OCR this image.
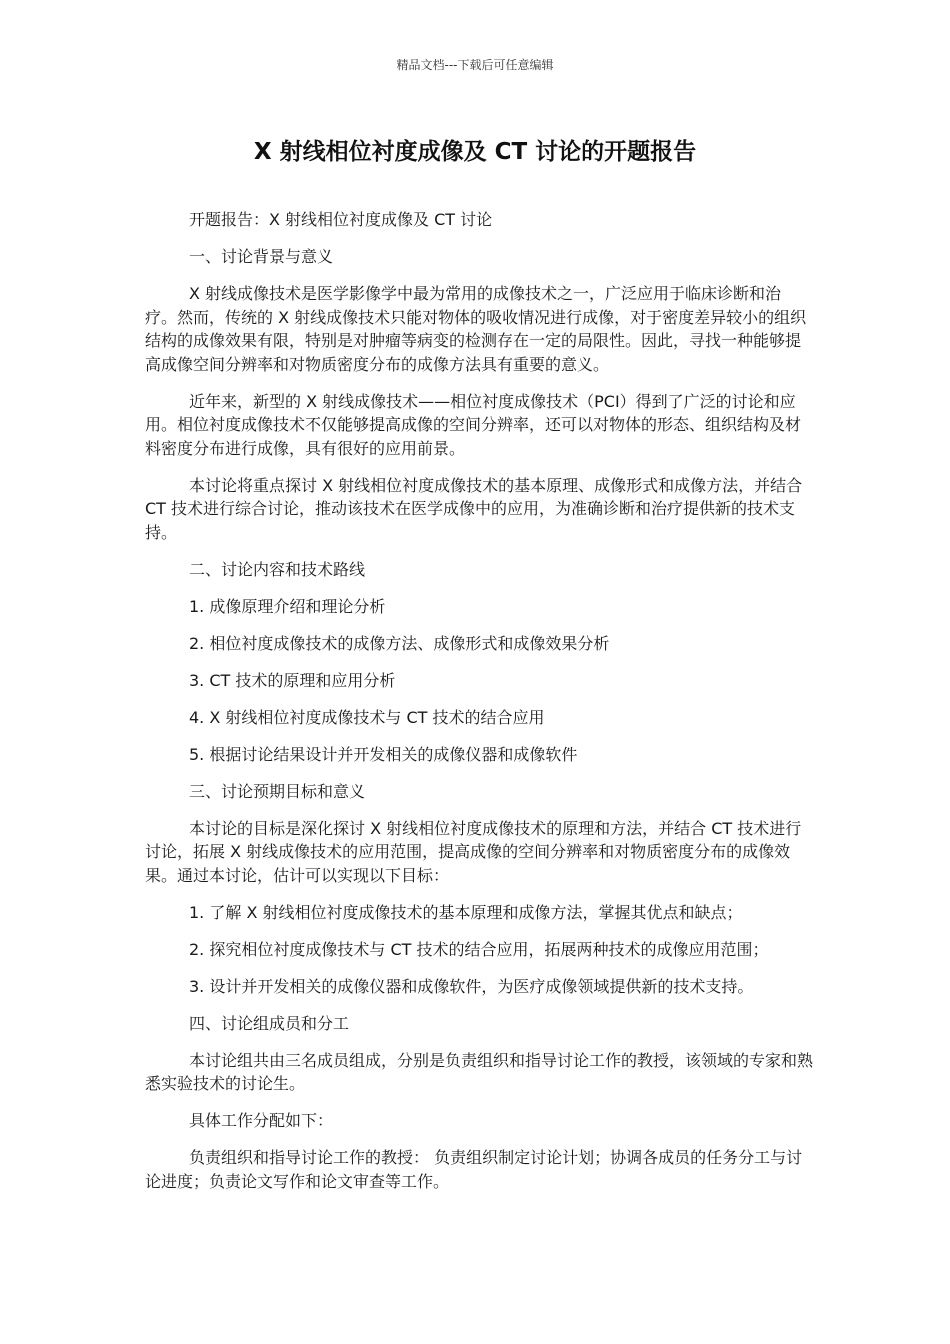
精品文档---下载后可任意编辑
X 射线相位衬度成像及 CT 讨论的开题报告

开题报告：X 射线相位衬度成像及 CT 讨论

一、讨论背景与意义

X 射线成像技术是医学影像学中最为常用的成像技术之一，广泛应用于临床诊断和治疗。然而，传统的 X 射线成像技术只能对物体的吸收情况进行成像，对于密度差异较小的组织结构的成像效果有限，特别是对肿瘤等病变的检测存在一定的局限性。因此，寻找一种能够提高成像空间分辨率和对物质密度分布的成像方法具有重要的意义。

近年来，新型的 X 射线成像技术——相位衬度成像技术（PCI）得到了广泛的讨论和应用。相位衬度成像技术不仅能够提高成像的空间分辨率，还可以对物体的形态、组织结构及材料密度分布进行成像，具有很好的应用前景。

本讨论将重点探讨 X 射线相位衬度成像技术的基本原理、成像形式和成像方法，并结合 CT 技术进行综合讨论，推动该技术在医学成像中的应用，为准确诊断和治疗提供新的技术支持。

二、讨论内容和技术路线

1. 成像原理介绍和理论分析

2. 相位衬度成像技术的成像方法、成像形式和成像效果分析

3. CT 技术的原理和应用分析

4. X 射线相位衬度成像技术与 CT 技术的结合应用

5. 根据讨论结果设计并开发相关的成像仪器和成像软件

三、讨论预期目标和意义

本讨论的目标是深化探讨 X 射线相位衬度成像技术的原理和方法，并结合 CT 技术进行讨论，拓展 X 射线成像技术的应用范围，提高成像的空间分辨率和对物质密度分布的成像效果。通过本讨论，估计可以实现以下目标：

1. 了解 X 射线相位衬度成像技术的基本原理和成像方法，掌握其优点和缺点；

2. 探究相位衬度成像技术与 CT 技术的结合应用，拓展两种技术的成像应用范围；

3. 设计并开发相关的成像仪器和成像软件，为医疗成像领域提供新的技术支持。

四、讨论组成员和分工

本讨论组共由三名成员组成，分别是负责组织和指导讨论工作的教授，该领域的专家和熟悉实验技术的讨论生。

具体工作分配如下：

负责组织和指导讨论工作的教授： 负责组织制定讨论计划；协调各成员的任务分工与讨论进度；负责论文写作和论文审查等工作。
